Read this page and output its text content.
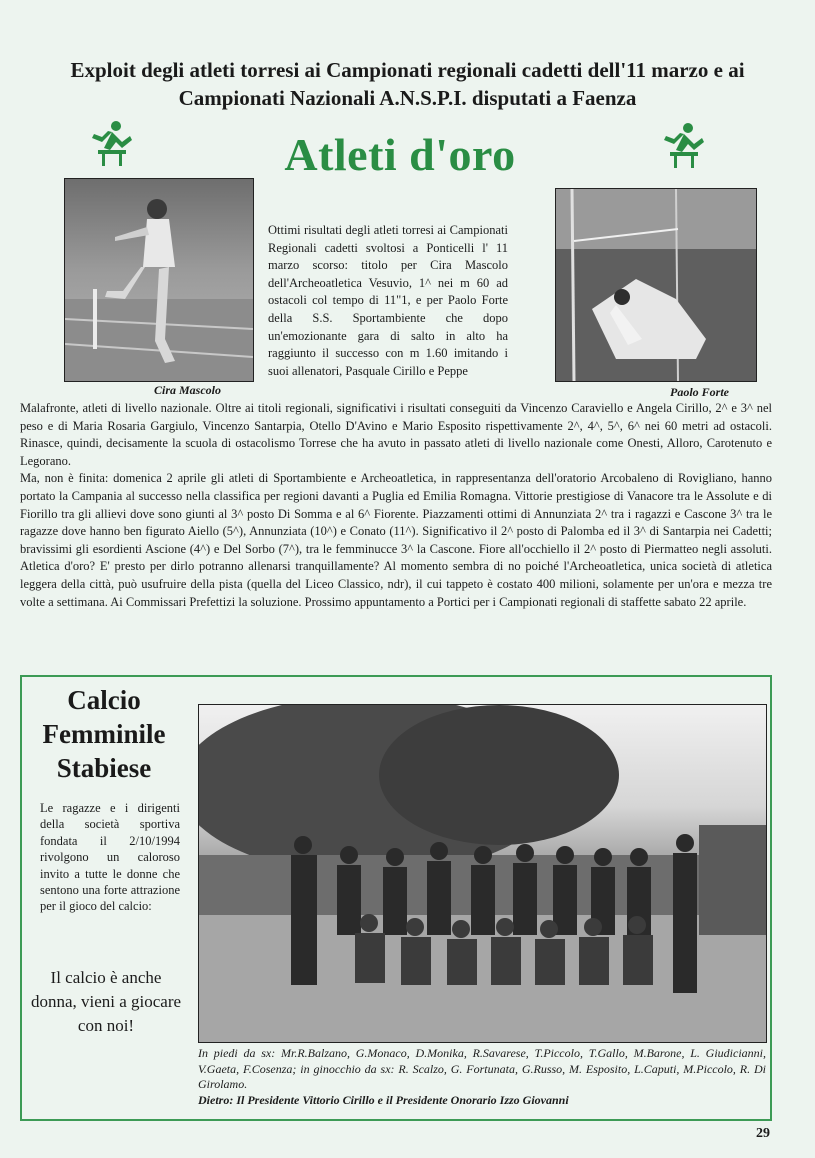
Exploit degli atleti torresi ai Campionati regionali cadetti dell'11 marzo e ai Campionati Nazionali A.N.S.P.I. disputati a Faenza
Atleti d'oro
Cira Mascolo	Paolo Forte
Ottimi risultati degli atleti torresi ai Campionati Regionali cadetti svoltosi a Ponticelli l' 11 marzo scorso: titolo per Cira Mascolo dell'Archeoatletica Vesuvio, 1^ nei m 60 ad ostacoli col tempo di 11"1, e per Paolo Forte della S.S. Sportambiente che dopo un'emozionante gara di salto in alto ha raggiunto il successo con m 1.60 imitando i suoi allenatori, Pasquale Cirillo e Peppe

Malafronte, atleti di livello nazionale. Oltre ai titoli regionali, significativi i risultati conseguiti da Vincenzo Caraviello e Angela Cirillo, 2^ e 3^ nel peso e di Maria Rosaria Gargiulo, Vincenzo Santarpia, Otello D'Avino e Mario Esposito rispettivamente 2^, 4^, 5^, 6^ nei 60 metri ad ostacoli. Rinasce, quindi, decisamente la scuola di ostacolismo Torrese che ha avuto in passato atleti di livello nazionale come Onesti, Alloro, Carotenuto e Legorano.

Ma, non è finita: domenica 2 aprile gli atleti di Sportambiente e Archeoatletica, in rappresentanza dell'oratorio Arcobaleno di Rovigliano, hanno portato la Campania al successo nella classifica per regioni davanti a Puglia ed Emilia Romagna. Vittorie prestigiose di Vanacore tra le Assolute e di Fiorillo tra gli allievi dove sono giunti al 3^ posto Di Somma e al 6^ Fiorente. Piazzamenti ottimi di Annunziata 2^ tra i ragazzi e Cascone 3^ tra le ragazze dove hanno ben figurato Aiello (5^), Annunziata (10^) e Conato (11^). Significativo il 2^ posto di Palomba ed il 3^ di Santarpia nei Cadetti; bravissimi gli esordienti Ascione (4^) e Del Sorbo (7^), tra le femminucce 3^ la Cascone. Fiore all'occhiello il 2^ posto di Piermatteo negli assoluti. Atletica d'oro? E' presto per dirlo potranno allenarsi tranquillamente? Al momento sembra di no poiché l'Archeoatletica, unica società di atletica leggera della città, può usufruire della pista (quella del Liceo Classico, ndr), il cui tappeto è costato 400 milioni, solamente per un'ora e mezza tre volte a settimana. Ai Commissari Prefettizi la soluzione. Prossimo appuntamento a Portici per i Campionati regionali di staffette sabato 22 aprile.

Calcio Femminile Stabiese
Le ragazze e i dirigenti della società sportiva fondata il 2/10/1994 rivolgono un caloroso invito a tutte le donne che sentono una forte attrazione per il gioco del calcio:
Il calcio è anche donna, vieni a giocare con noi!
In piedi da sx: Mr.R.Balzano, G.Monaco, D.Monika, R.Savarese, T.Piccolo, T.Gallo, M.Barone, L. Giudicianni, V.Gaeta, F.Cosenza; in ginocchio da sx: R. Scalzo, G. Fortunata, G.Russo, M. Esposito, L.Caputi, M.Piccolo, R. Di Girolamo.
Dietro: Il Presidente Vittorio Cirillo e il Presidente Onorario Izzo Giovanni
29
